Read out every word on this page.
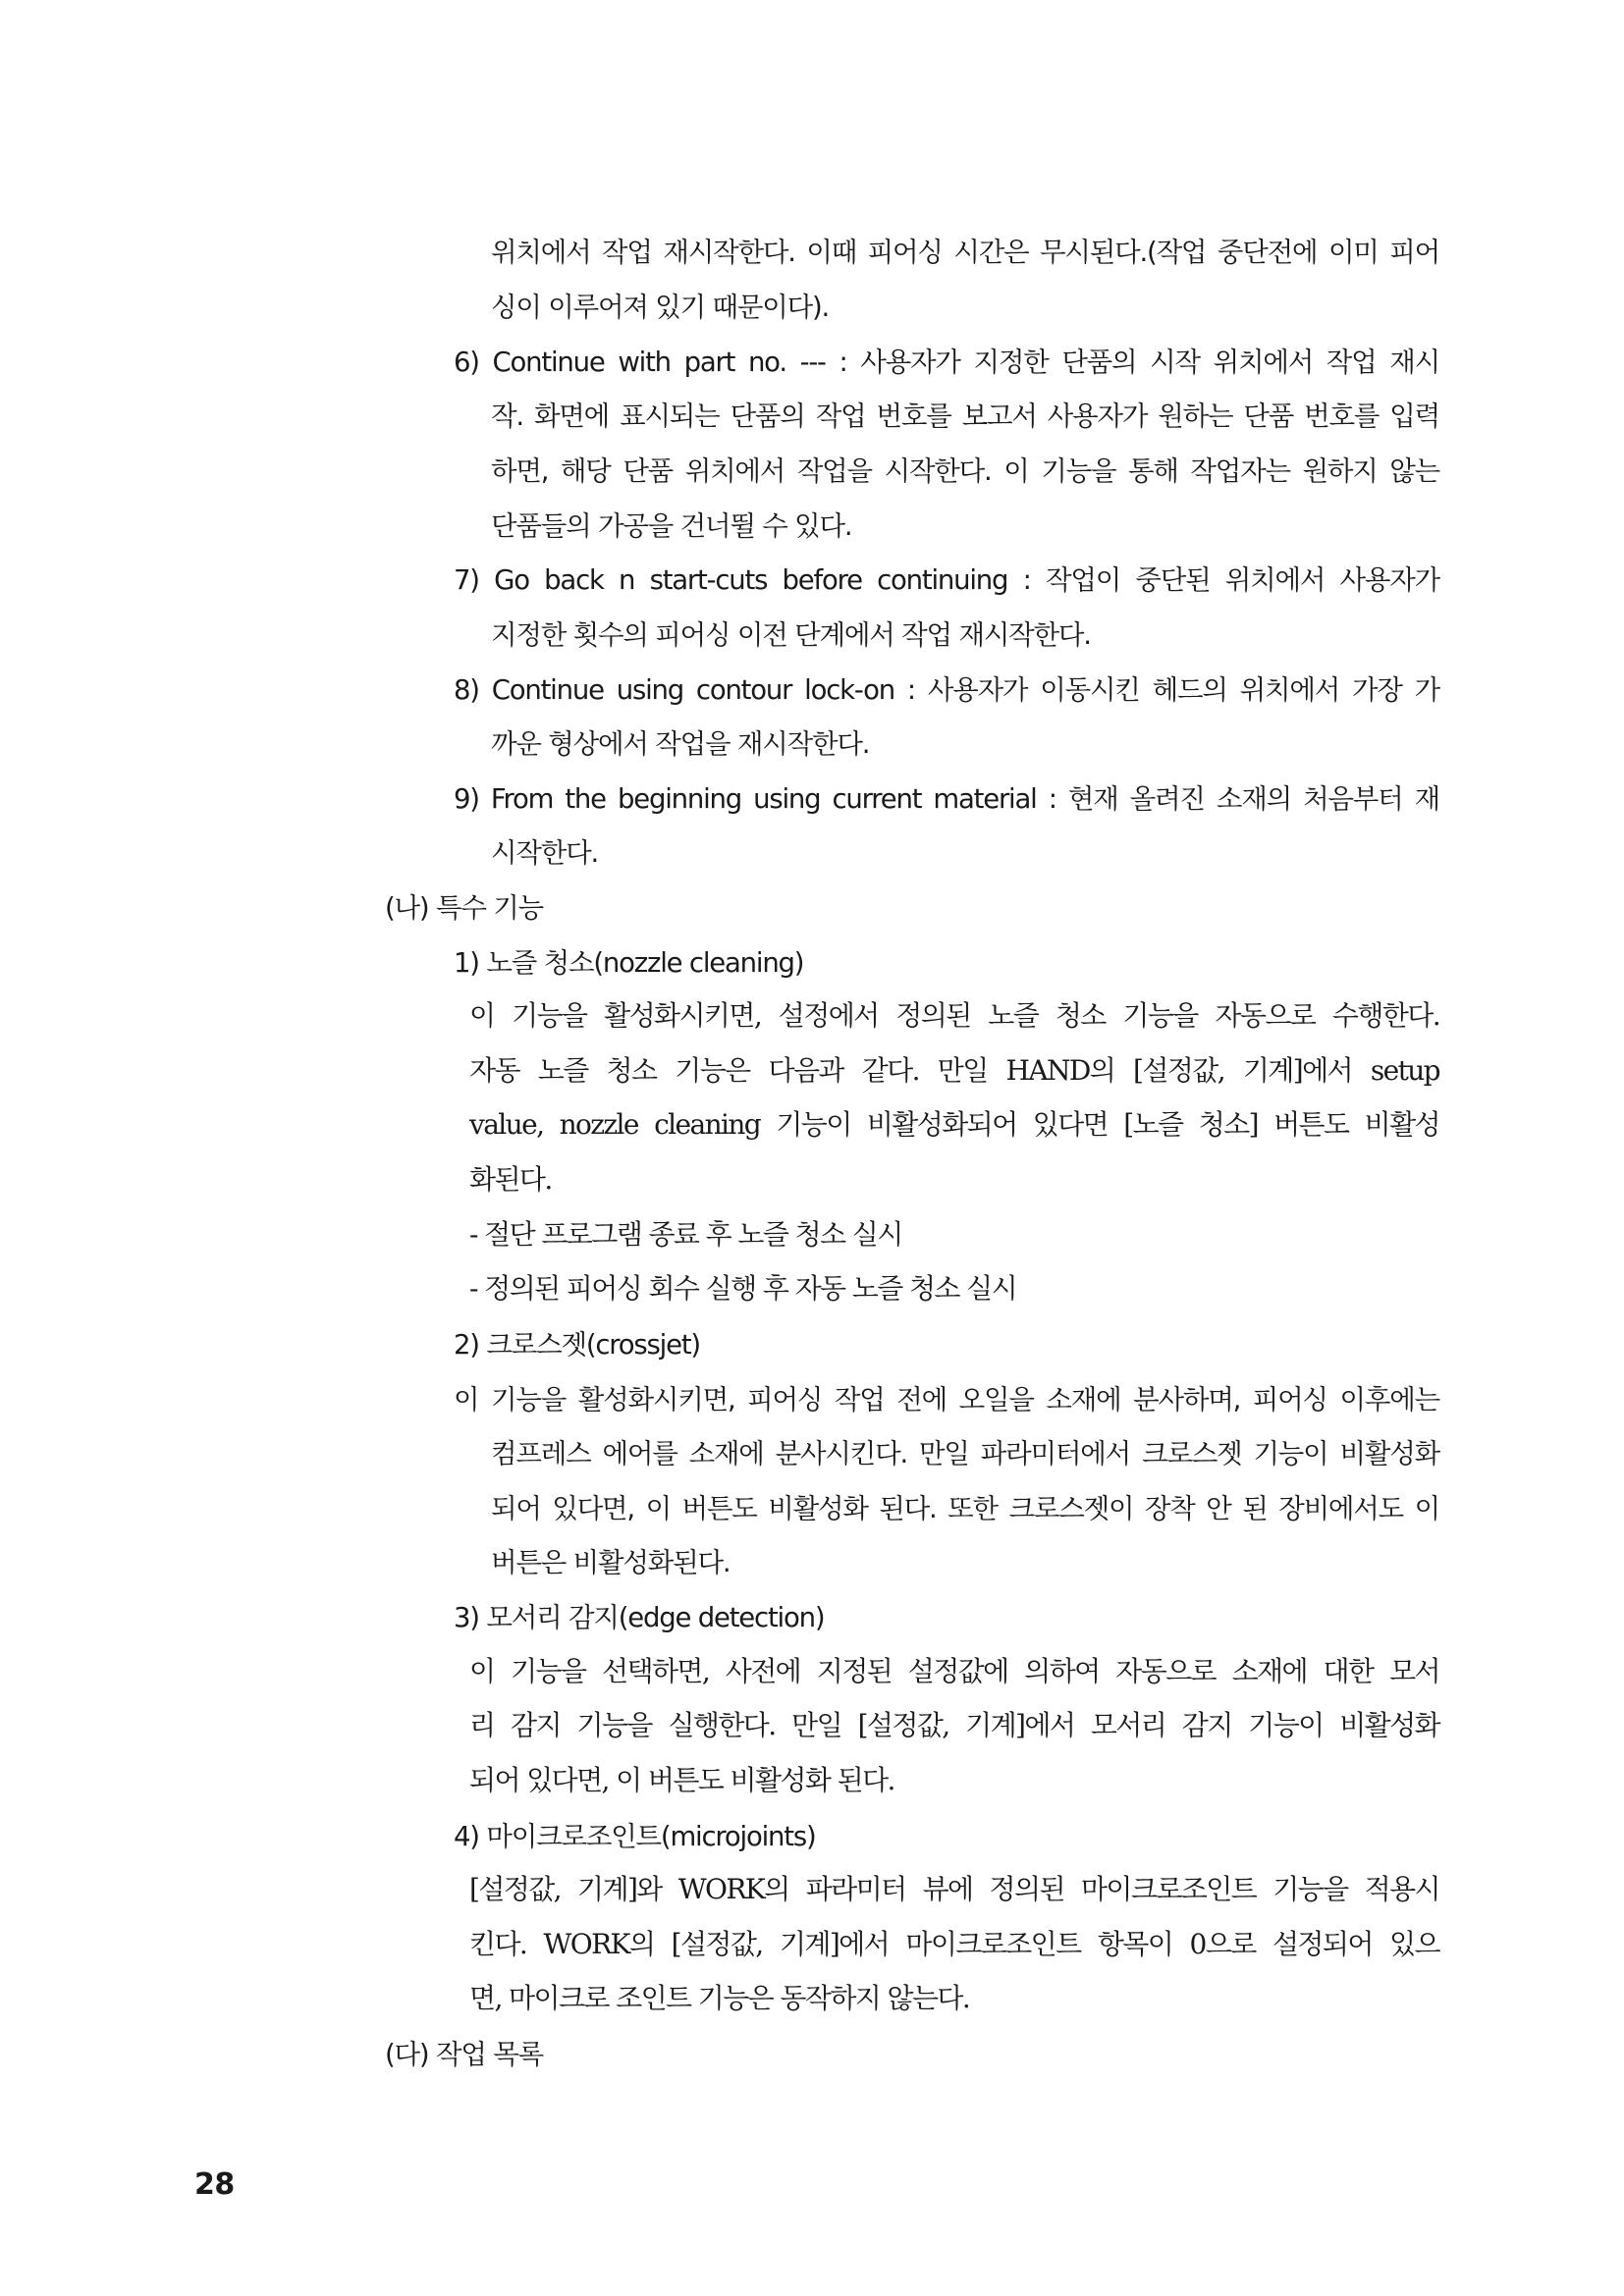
위치에서 작업 재시작한다. 이때 피어싱 시간은 무시된다.(작업 중단전에 이미 피어
싱이 이루어져 있기 때문이다).
6) Continue with part no. --- : 사용자가 지정한 단품의 시작 위치에서 작업 재시
작. 화면에 표시되는 단품의 작업 번호를 보고서 사용자가 원하는 단품 번호를 입력
하면, 해당 단품 위치에서 작업을 시작한다. 이 기능을 통해 작업자는 원하지 않는
단품들의 가공을 건너뛸 수 있다.
7) Go back n start-cuts before continuing : 작업이 중단된 위치에서 사용자가
지정한 횟수의 피어싱 이전 단계에서 작업 재시작한다.
8) Continue using contour lock-on : 사용자가 이동시킨 헤드의 위치에서 가장 가
까운 형상에서 작업을 재시작한다.
9) From the beginning using current material : 현재 올려진 소재의 처음부터 재
시작한다.
(나) 특수 기능
1) 노즐 청소(nozzle cleaning)
이 기능을 활성화시키면, 설정에서 정의된 노즐 청소 기능을 자동으로 수행한다.
자동 노즐 청소 기능은 다음과 같다. 만일 HAND의 [설정값, 기계]에서 setup
value, nozzle cleaning 기능이 비활성화되어 있다면 [노즐 청소] 버튼도 비활성
화된다.
- 절단 프로그램 종료 후 노즐 청소 실시
- 정의된 피어싱 회수 실행 후 자동 노즐 청소 실시
2) 크로스젯(crossjet)
이 기능을 활성화시키면, 피어싱 작업 전에 오일을 소재에 분사하며, 피어싱 이후에는
컴프레스 에어를 소재에 분사시킨다. 만일 파라미터에서 크로스젯 기능이 비활성화
되어 있다면, 이 버튼도 비활성화 된다. 또한 크로스젯이 장착 안 된 장비에서도 이
버튼은 비활성화된다.
3) 모서리 감지(edge detection)
이 기능을 선택하면, 사전에 지정된 설정값에 의하여 자동으로 소재에 대한 모서
리 감지 기능을 실행한다. 만일 [설정값, 기계]에서 모서리 감지 기능이 비활성화
되어 있다면, 이 버튼도 비활성화 된다.
4) 마이크로조인트(microjoints)
[설정값, 기계]와 WORK의 파라미터 뷰에 정의된 마이크로조인트 기능을 적용시
킨다. WORK의 [설정값, 기계]에서 마이크로조인트 항목이 0으로 설정되어 있으
면, 마이크로 조인트 기능은 동작하지 않는다.
(다) 작업 목록
28
